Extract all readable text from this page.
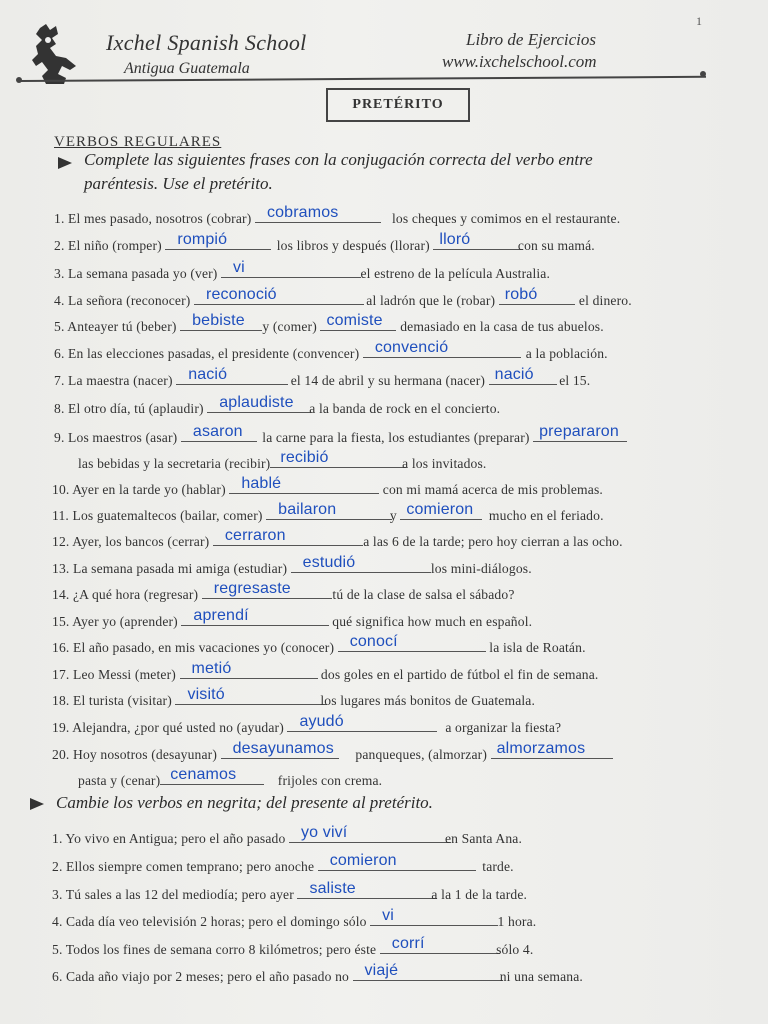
Ixchel Spanish School
Antigua Guatemala
Libro de Ejercicios
www.ixchelschool.com
1
PRETÉRITO
VERBOS REGULARES
Complete las siguientes frases con la conjugación correcta del verbo entre
paréntesis. Use el pretérito.
1. El mes pasado, nosotros (cobrar) cobramos	los cheques y comimos en el restaurante.
2. El niño (romper) rompió	los libros y después (llorar) lloró	con su mamá.
3. La semana pasada yo (ver) vi	el estreno de la película Australia.
4. La señora (reconocer) reconoció	al ladrón que le (robar) robó	el dinero.
5. Anteayer tú (beber) bebiste y (comer) comiste demasiado en la casa de tus abuelos.
6. En las elecciones pasadas, el presidente (convencer) convenció	a la población.
7. La maestra (nacer) nació	el 14 de abril y su hermana (nacer) nació el 15.
8. El otro día, tú (aplaudir) aplaudiste a la banda de rock en el concierto.
9. Los maestros (asar) asaron la carne para la fiesta, los estudiantes (preparar) prepararon
las bebidas y la secretaria (recibir) recibió	a los invitados.
10. Ayer en la tarde yo (hablar) hablé	con mi mamá acerca de mis problemas.
11. Los guatemaltecos (bailar, comer) bailaron	y comieron mucho en el feriado.
12. Ayer, los bancos (cerrar) cerraron	a las 6 de la tarde; pero hoy cierran a las ocho.
13. La semana pasada mi amiga (estudiar) estudió	los mini-diálogos.
14. ¿A qué hora (regresar) regresaste	tú de la clase de salsa el sábado?
15. Ayer yo (aprender) aprendí	qué significa how much en español.
16. El año pasado, en mis vacaciones yo (conocer) conocí	la isla de Roatán.
17. Leo Messi (meter) metió	dos goles en el partido de fútbol el fin de semana.
18. El turista (visitar) visitó	los lugares más bonitos de Guatemala.
19. Alejandra, ¿por qué usted no (ayudar) ayudó	a organizar la fiesta?
20. Hoy nosotros (desayunar) desayunamos panqueques, (almorzar) almorzamos
pasta y (cenar) cenamos	frijoles con crema.
Cambie los verbos en negrita; del presente al pretérito.
1. Yo vivo en Antigua; pero el año pasado yo viví	en Santa Ana.
2. Ellos siempre comen temprano; pero anoche comieron	tarde.
3. Tú sales a las 12 del mediodía; pero ayer saliste	a la 1 de la tarde.
4. Cada día veo televisión 2 horas; pero el domingo sólo vi	1 hora.
5. Todos los fines de semana corro 8 kilómetros; pero éste corrí	sólo 4.
6. Cada año viajo por 2 meses; pero el año pasado no viajé	ni una semana.
